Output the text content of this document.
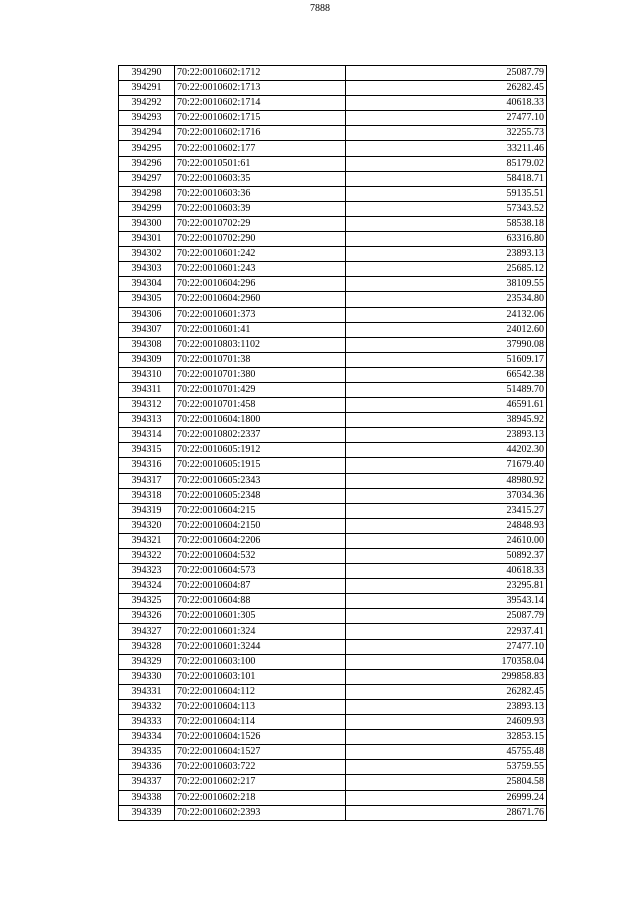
7888
394290	70:22:0010602:1712	25087.79
394291	70:22:0010602:1713	26282.45
394292	70:22:0010602:1714	40618.33
394293	70:22:0010602:1715	27477.10
394294	70:22:0010602:1716	32255.73
394295	70:22:0010602:177	33211.46
394296	70:22:0010501:61	85179.02
394297	70:22:0010603:35	58418.71
394298	70:22:0010603:36	59135.51
394299	70:22:0010603:39	57343.52
394300	70:22:0010702:29	58538.18
394301	70:22:0010702:290	63316.80
394302	70:22:0010601:242	23893.13
394303	70:22:0010601:243	25685.12
394304	70:22:0010604:296	38109.55
394305	70:22:0010604:2960	23534.80
394306	70:22:0010601:373	24132.06
394307	70:22:0010601:41	24012.60
394308	70:22:0010803:1102	37990.08
394309	70:22:0010701:38	51609.17
394310	70:22:0010701:380	66542.38
394311	70:22:0010701:429	51489.70
394312	70:22:0010701:458	46591.61
394313	70:22:0010604:1800	38945.92
394314	70:22:0010802:2337	23893.13
394315	70:22:0010605:1912	44202.30
394316	70:22:0010605:1915	71679.40
394317	70:22:0010605:2343	48980.92
394318	70:22:0010605:2348	37034.36
394319	70:22:0010604:215	23415.27
394320	70:22:0010604:2150	24848.93
394321	70:22:0010604:2206	24610.00
394322	70:22:0010604:532	50892.37
394323	70:22:0010604:573	40618.33
394324	70:22:0010604:87	23295.81
394325	70:22:0010604:88	39543.14
394326	70:22:0010601:305	25087.79
394327	70:22:0010601:324	22937.41
394328	70:22:0010601:3244	27477.10
394329	70:22:0010603:100	170358.04
394330	70:22:0010603:101	299858.83
394331	70:22:0010604:112	26282.45
394332	70:22:0010604:113	23893.13
394333	70:22:0010604:114	24609.93
394334	70:22:0010604:1526	32853.15
394335	70:22:0010604:1527	45755.48
394336	70:22:0010603:722	53759.55
394337	70:22:0010602:217	25804.58
394338	70:22:0010602:218	26999.24
394339	70:22:0010602:2393	28671.76
